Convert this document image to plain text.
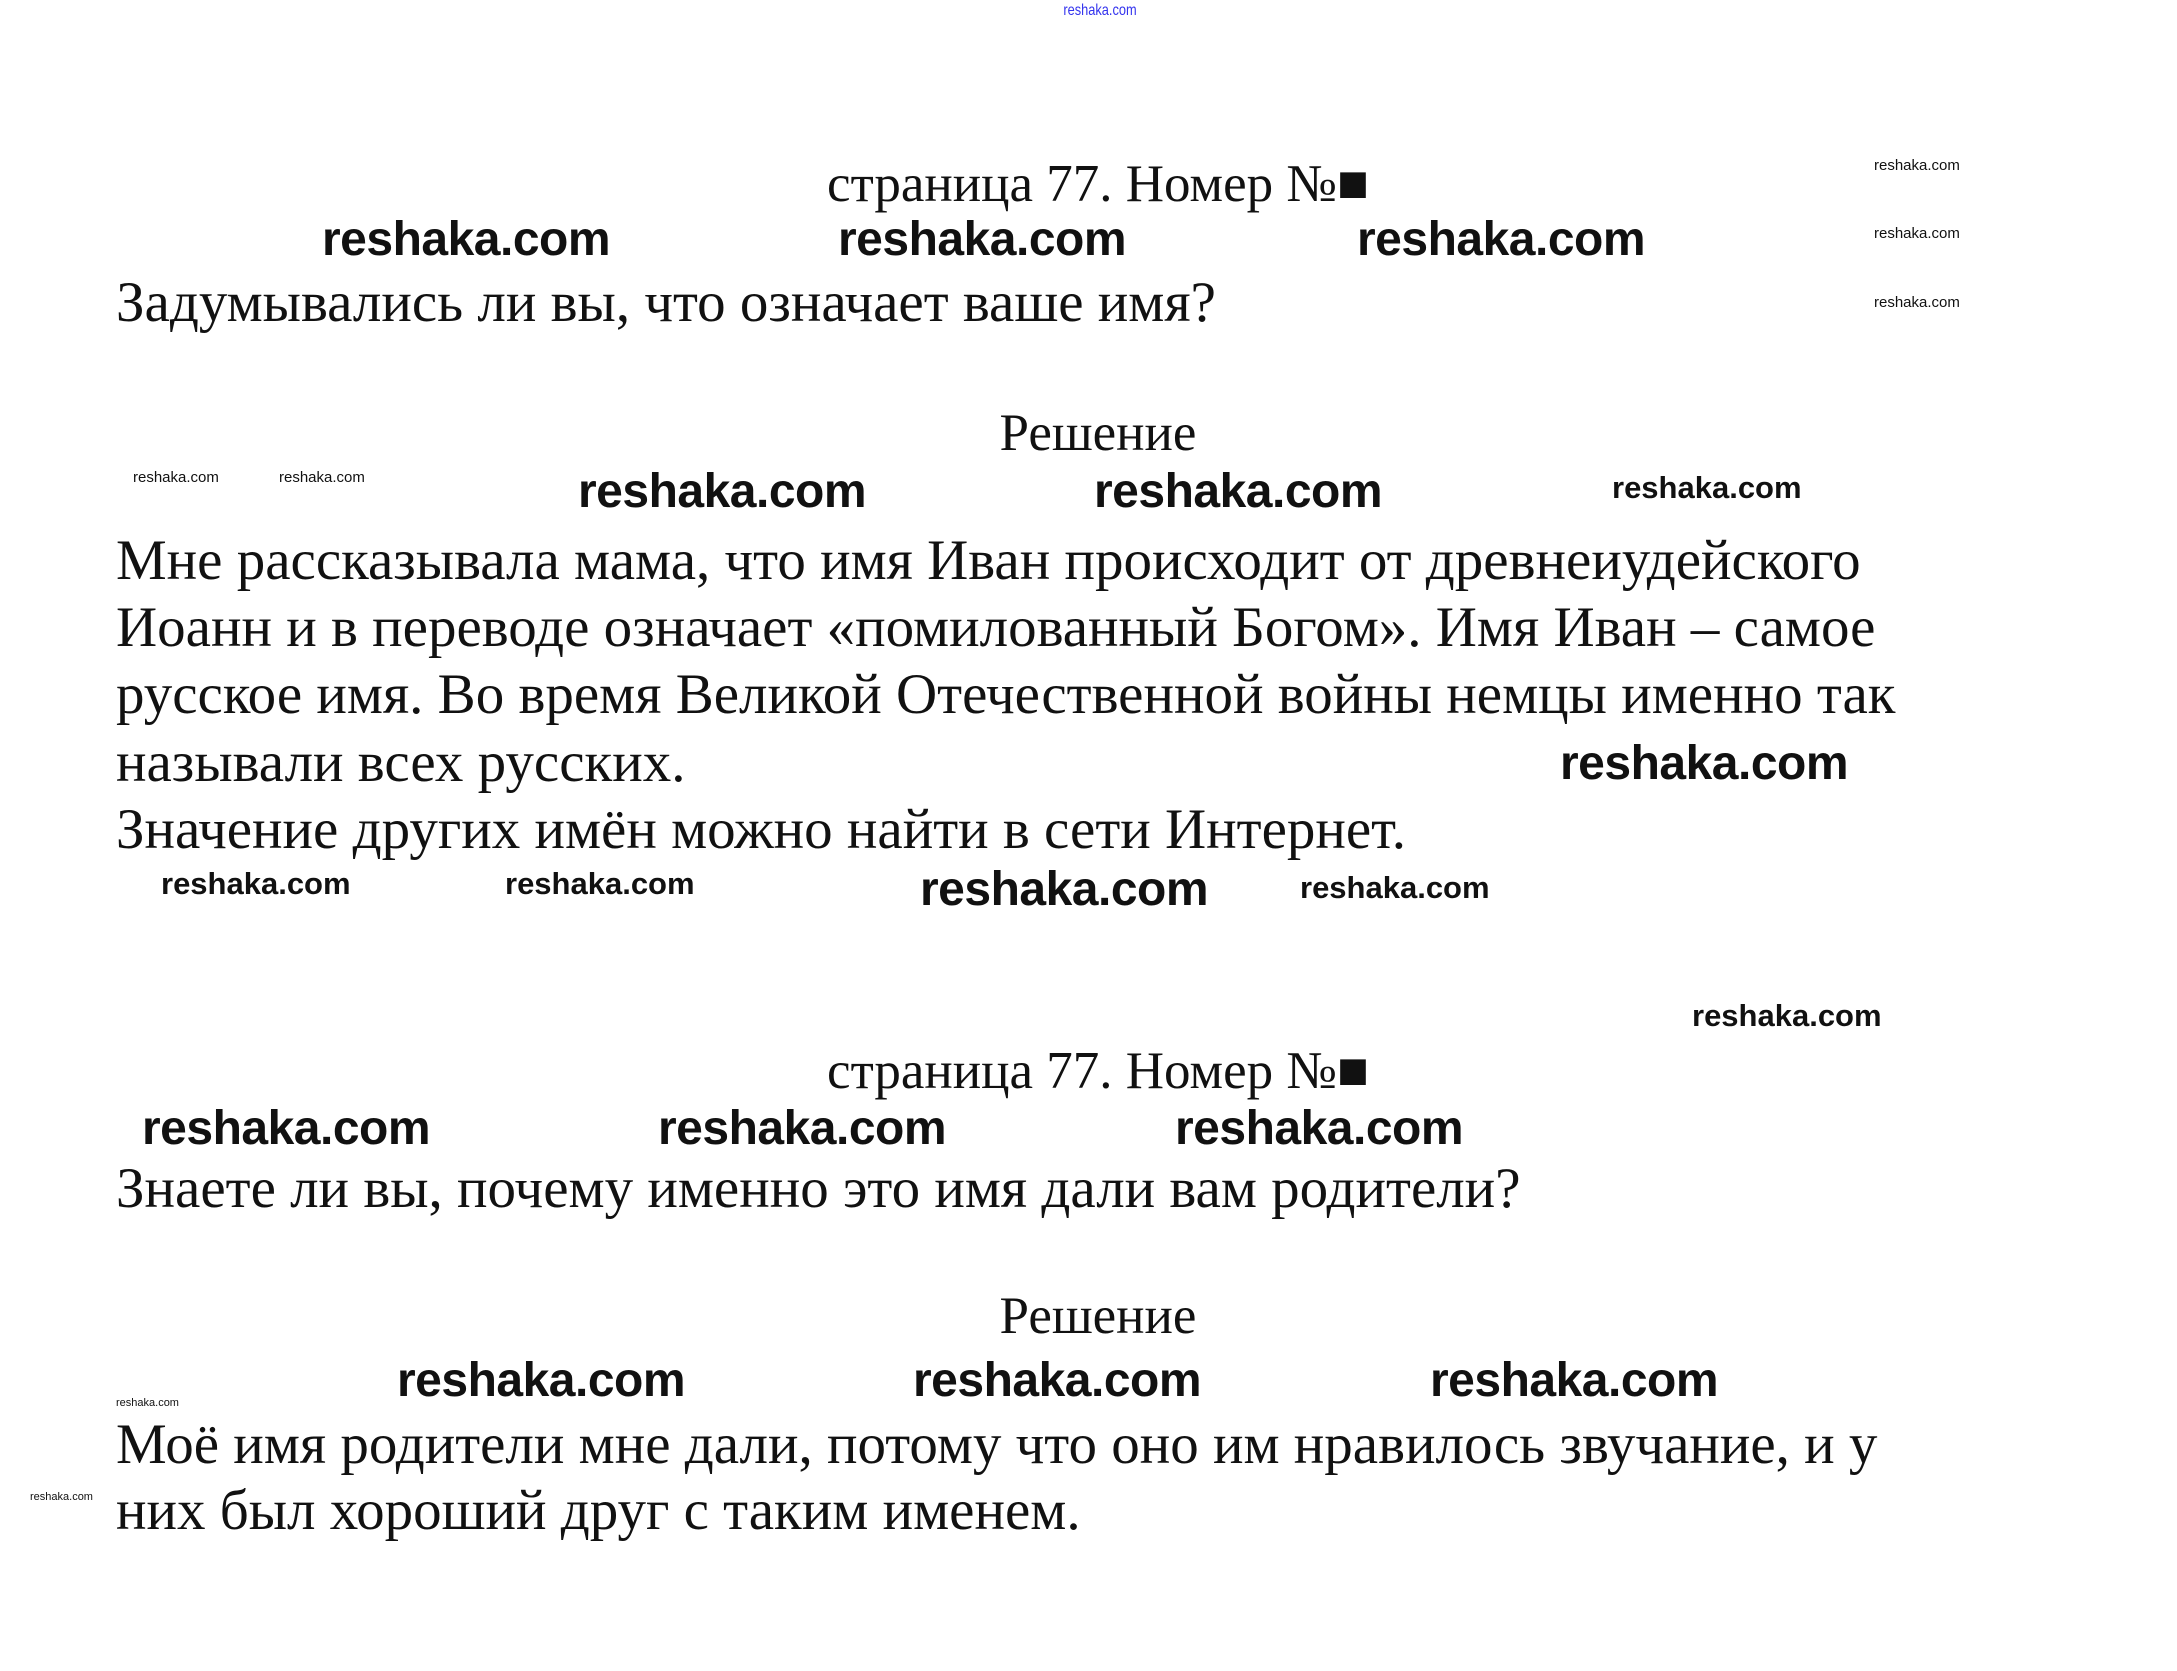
reshaka.com
страница 77. Номер №■
Задумывались ли вы, что означает ваше имя?
Решение
Мне рассказывала мама, что имя Иван происходит от древнеиудейского
Иоанн и в переводе означает «помилованный Богом». Имя Иван – самое
русское имя. Во время Великой Отечественной войны немцы именно так
называли всех русских.
Значение других имён можно найти в сети Интернет.
страница 77. Номер №■
Знаете ли вы, почему именно это имя дали вам родители?
Решение
Моё имя родители мне дали, потому что оно им нравилось звучание, и у
них был хороший друг с таким именем.
reshaka.com	reshaka.com	reshaka.com
reshaka.com	reshaka.com
reshaka.com
reshaka.com
reshaka.com	reshaka.com	reshaka.com
reshaka.com	reshaka.com	reshaka.com
reshaka.com
reshaka.com
reshaka.com	reshaka.com
reshaka.com
reshaka.com
reshaka.com
reshaka.com
reshaka.com	reshaka.com
reshaka.com
reshaka.com
